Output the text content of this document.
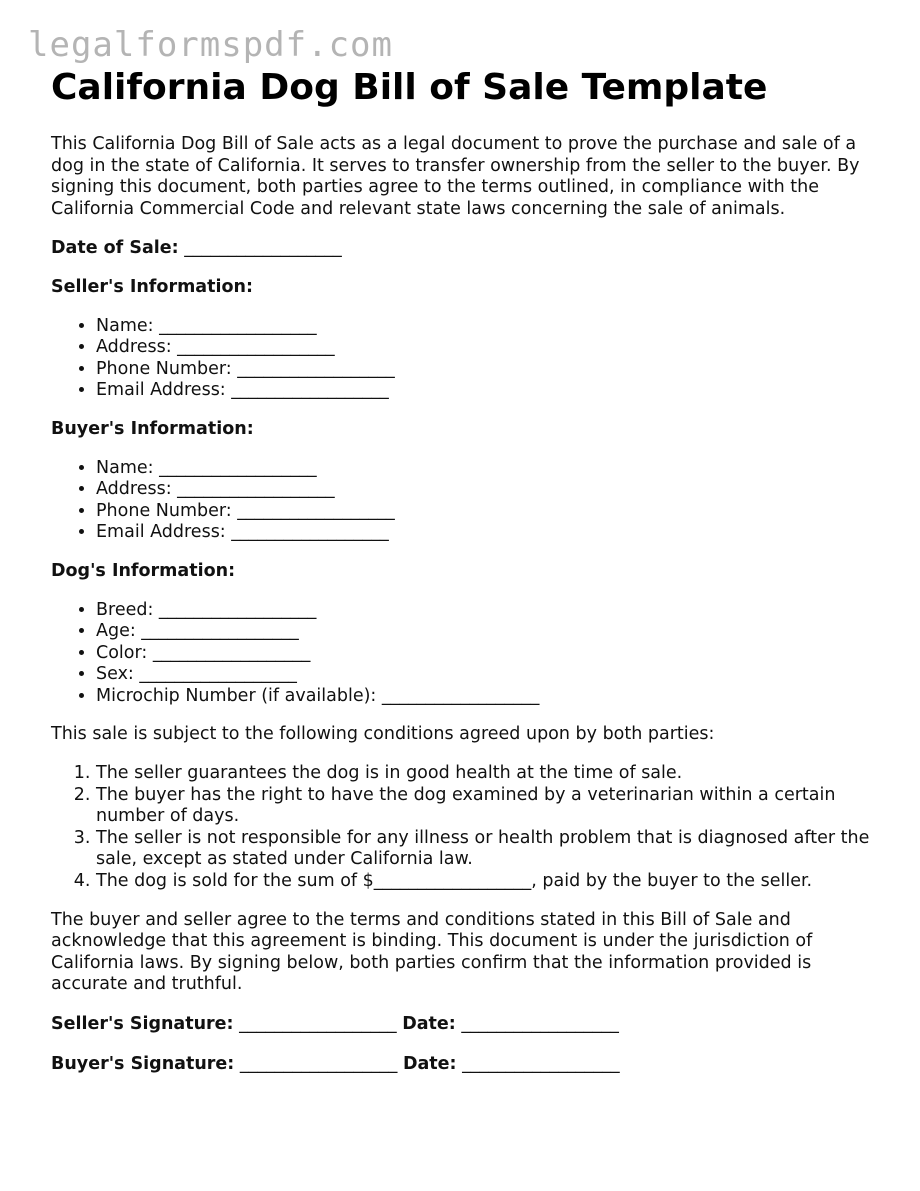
legalformspdf.com
California Dog Bill of Sale Template

This California Dog Bill of Sale acts as a legal document to prove the purchase and sale of a dog in the state of California. It serves to transfer ownership from the seller to the buyer. By signing this document, both parties agree to the terms outlined, in compliance with the California Commercial Code and relevant state laws concerning the sale of animals.

Date of Sale: __________________

Seller's Information:

• Name: __________________
• Address: __________________
• Phone Number: __________________
• Email Address: __________________

Buyer's Information:

• Name: __________________
• Address: __________________
• Phone Number: __________________
• Email Address: __________________

Dog's Information:

• Breed: __________________
• Age: __________________
• Color: __________________
• Sex: __________________
• Microchip Number (if available): __________________

This sale is subject to the following conditions agreed upon by both parties:

1. The seller guarantees the dog is in good health at the time of sale.
2. The buyer has the right to have the dog examined by a veterinarian within a certain number of days.
3. The seller is not responsible for any illness or health problem that is diagnosed after the sale, except as stated under California law.
4. The dog is sold for the sum of $__________________, paid by the buyer to the seller.

The buyer and seller agree to the terms and conditions stated in this Bill of Sale and acknowledge that this agreement is binding. This document is under the jurisdiction of California laws. By signing below, both parties confirm that the information provided is accurate and truthful.

Seller's Signature: __________________ Date: __________________

Buyer's Signature: __________________ Date: __________________
